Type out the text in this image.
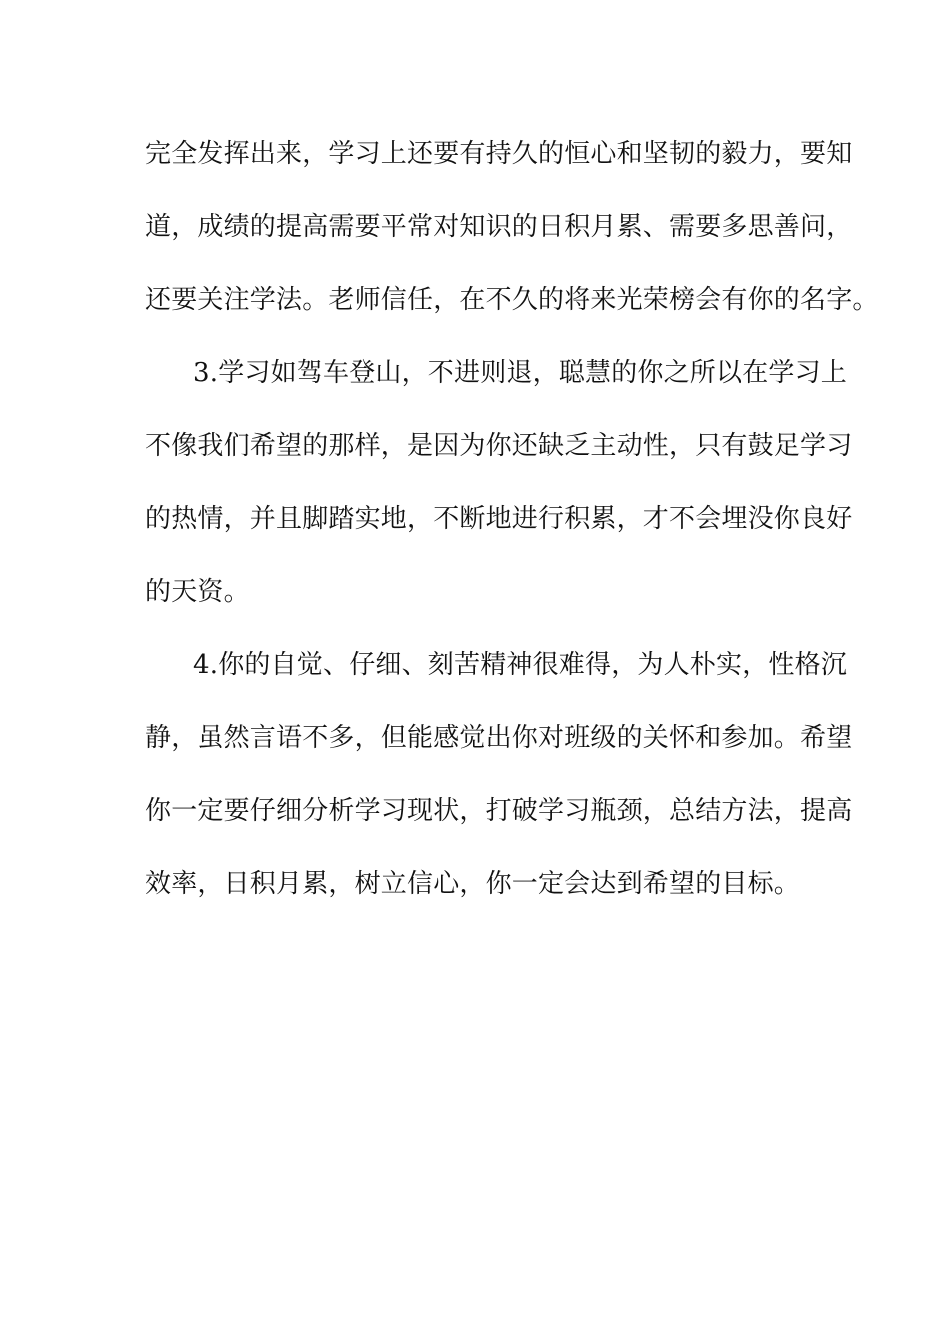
完全发挥出来，学习上还要有持久的恒心和坚韧的毅力，要知
道，成绩的提高需要平常对知识的日积月累、需要多思善问，
还要关注学法。老师信任，在不久的将来光荣榜会有你的名字。
3.学习如驾车登山，不进则退，聪慧的你之所以在学习上
不像我们希望的那样，是因为你还缺乏主动性，只有鼓足学习
的热情，并且脚踏实地，不断地进行积累，才不会埋没你良好
的天资。
4.你的自觉、仔细、刻苦精神很难得，为人朴实，性格沉
静，虽然言语不多，但能感觉出你对班级的关怀和参加。希望
你一定要仔细分析学习现状，打破学习瓶颈，总结方法，提高
效率，日积月累，树立信心，你一定会达到希望的目标。
